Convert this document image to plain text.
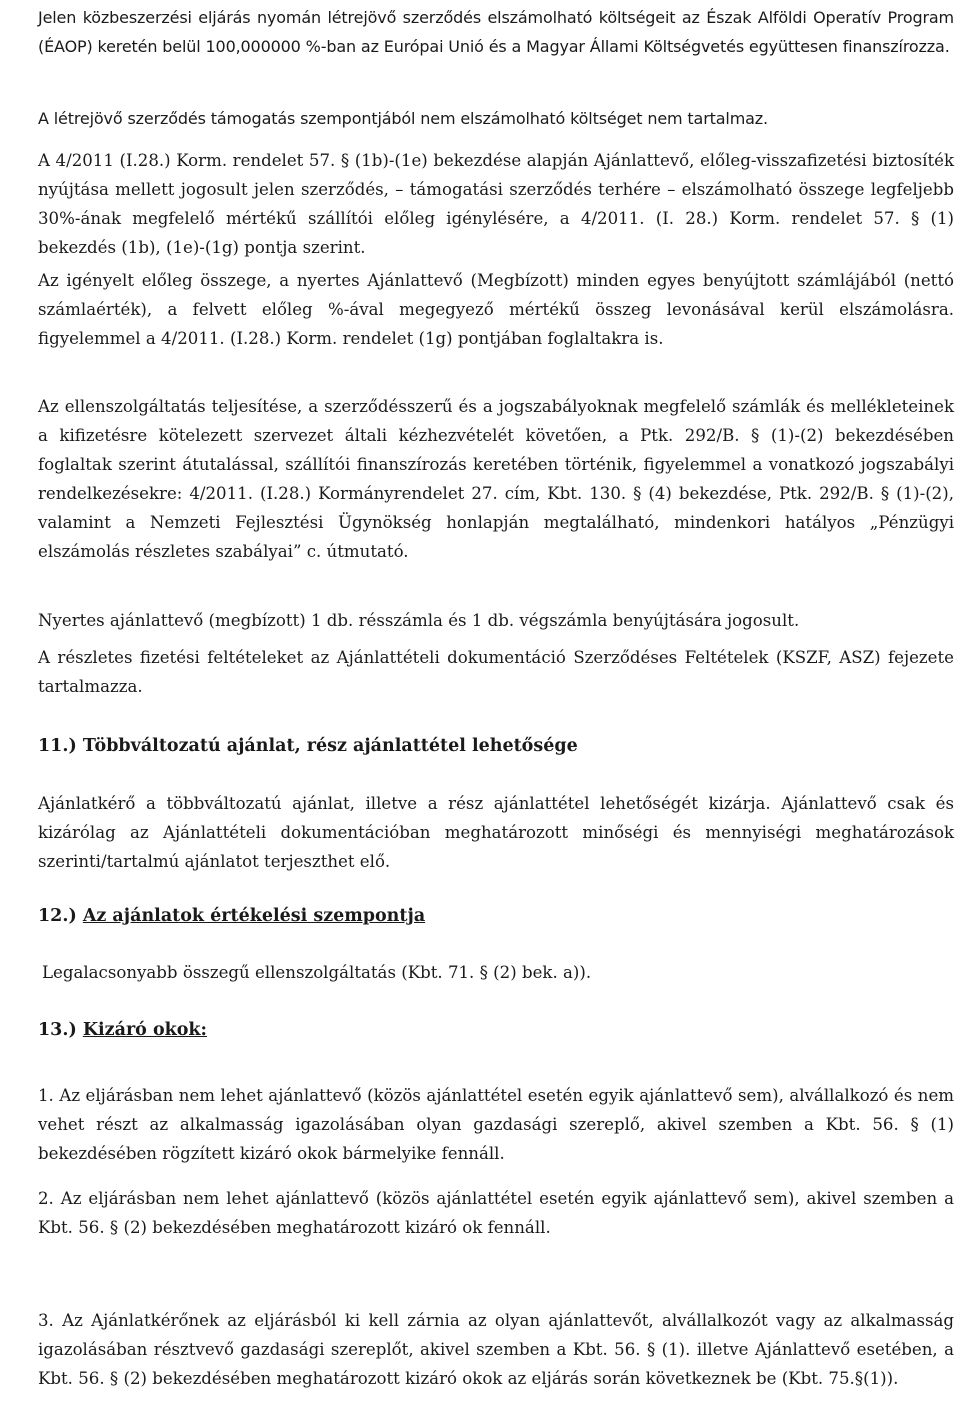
Jelen közbeszerzési eljárás nyomán létrejövő szerződés elszámolható költségeit az Észak Alföldi Operatív Program (ÉAOP) keretén belül 100,000000 %-ban az Európai Unió és a Magyar Állami Költségvetés együttesen finanszírozza.

A létrejövő szerződés támogatás szempontjából nem elszámolható költséget nem tartalmaz.

A 4/2011 (I.28.) Korm. rendelet 57. § (1b)-(1e) bekezdése alapján Ajánlattevő, előleg-visszafizetési biztosíték nyújtása mellett jogosult jelen szerződés, – támogatási szerződés terhére – elszámolható összege legfeljebb 30%-ának megfelelő mértékű szállítói előleg igénylésére, a 4/2011. (I. 28.) Korm. rendelet 57. § (1) bekezdés (1b), (1e)-(1g) pontja szerint.

Az igényelt előleg összege, a nyertes Ajánlattevő (Megbízott) minden egyes benyújtott számlájából (nettó számlaérték), a felvett előleg %-ával megegyező mértékű összeg levonásával kerül elszámolásra. figyelemmel a 4/2011. (I.28.) Korm. rendelet (1g) pontjában foglaltakra is.

Az ellenszolgáltatás teljesítése, a szerződésszerű és a jogszabályoknak megfelelő számlák és mellékleteinek a kifizetésre kötelezett szervezet általi kézhezvételét követően, a Ptk. 292/B. § (1)-(2) bekezdésében foglaltak szerint átutalással, szállítói finanszírozás keretében történik, figyelemmel a vonatkozó jogszabályi rendelkezésekre: 4/2011. (I.28.) Kormányrendelet 27. cím, Kbt. 130. § (4) bekezdése, Ptk. 292/B. § (1)-(2), valamint a Nemzeti Fejlesztési Ügynökség honlapján megtalálható, mindenkori hatályos „Pénzügyi elszámolás részletes szabályai” c. útmutató.

Nyertes ajánlattevő (megbízott) 1 db. résszámla és 1 db. végszámla benyújtására jogosult.

A részletes fizetési feltételeket az Ajánlattételi dokumentáció Szerződéses Feltételek (KSZF, ASZ) fejezete tartalmazza.

11.) Többváltozatú ajánlat, rész ajánlattétel lehetősége

Ajánlatkérő a többváltozatú ajánlat, illetve a rész ajánlattétel lehetőségét kizárja. Ajánlattevő csak és kizárólag az Ajánlattételi dokumentációban meghatározott minőségi és mennyiségi meghatározások szerinti/tartalmú ajánlatot terjeszthet elő.

12.) Az ajánlatok értékelési szempontja

Legalacsonyabb összegű ellenszolgáltatás (Kbt. 71. § (2) bek. a)).

13.) Kizáró okok:

1. Az eljárásban nem lehet ajánlattevő (közös ajánlattétel esetén egyik ajánlattevő sem), alvállalkozó és nem vehet részt az alkalmasság igazolásában olyan gazdasági szereplő, akivel szemben a Kbt. 56. § (1) bekezdésében rögzített kizáró okok bármelyike fennáll.

2. Az eljárásban nem lehet ajánlattevő (közös ajánlattétel esetén egyik ajánlattevő sem), akivel szemben a Kbt. 56. § (2) bekezdésében meghatározott kizáró ok fennáll.

3. Az Ajánlatkérőnek az eljárásból ki kell zárnia az olyan ajánlattevőt, alvállalkozót vagy az alkalmasság igazolásában résztvevő gazdasági szereplőt, akivel szemben a Kbt. 56. § (1). illetve Ajánlattevő esetében, a Kbt. 56. § (2) bekezdésében meghatározott kizáró okok az eljárás során következnek be (Kbt. 75.§(1)).
